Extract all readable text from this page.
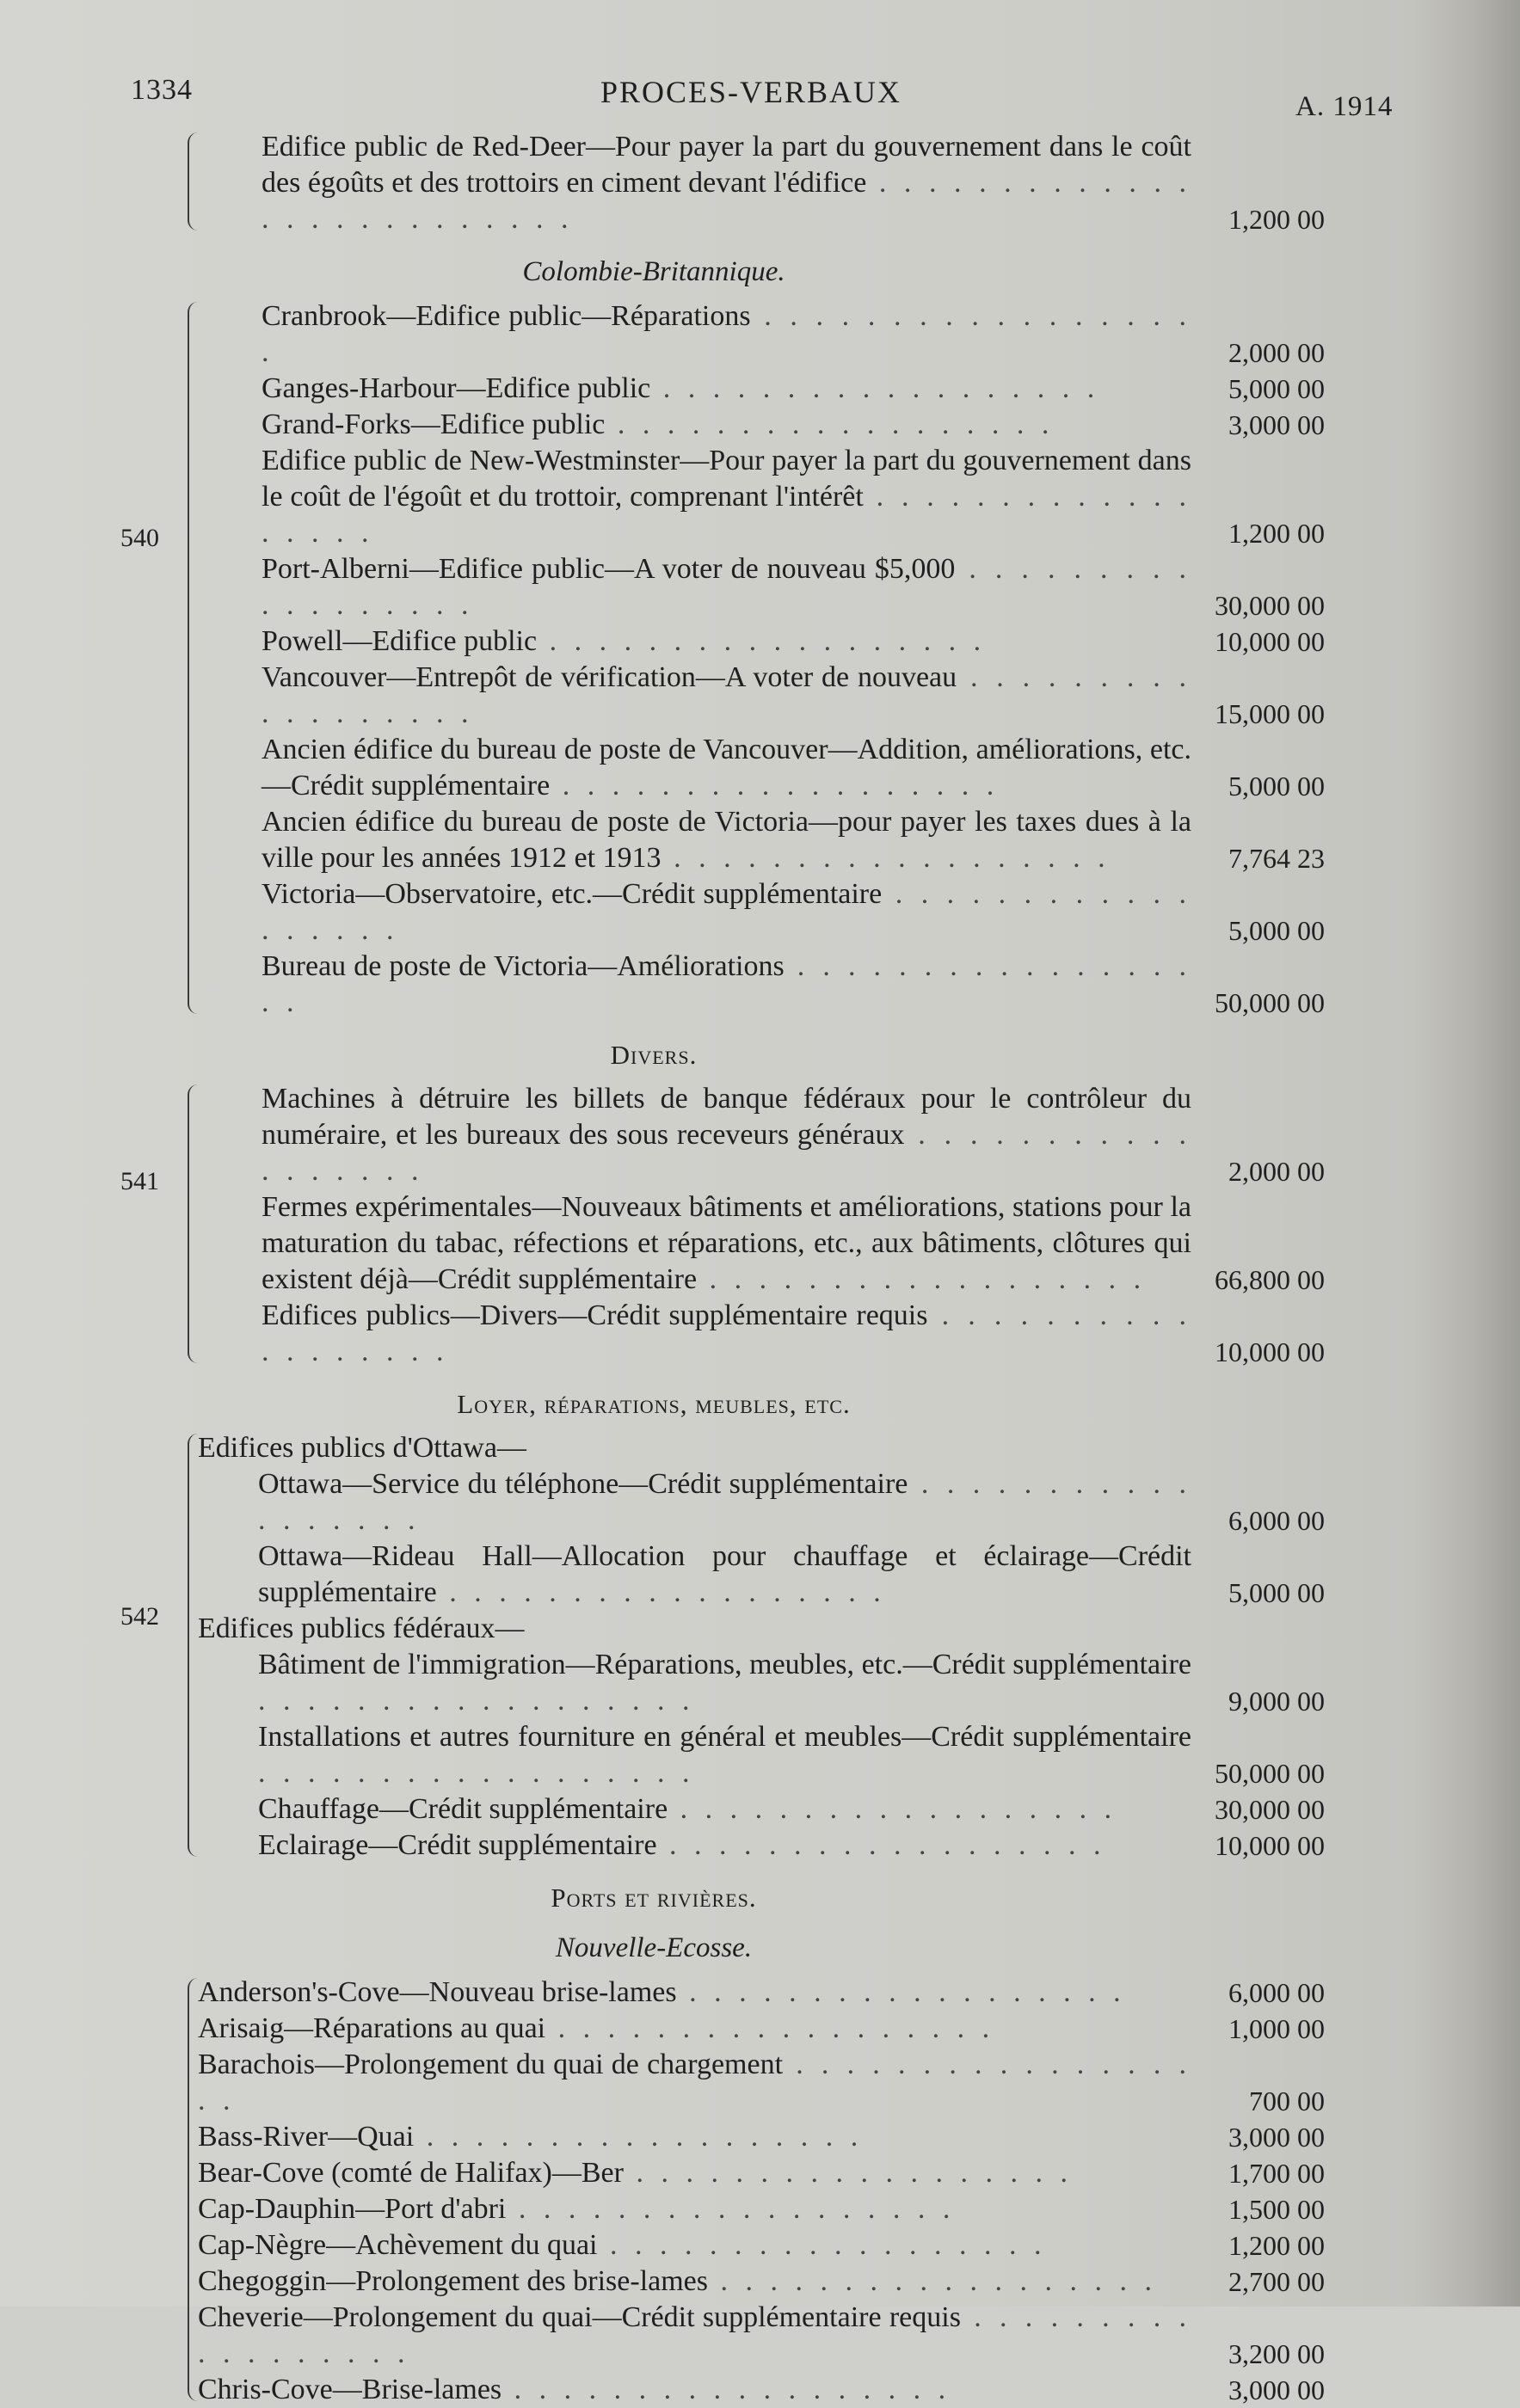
1334	PROCES-VERBAUX	A. 1914
Edifice public de Red-Deer—Pour payer la part du gouvernement dans le coût des égoûts et des trottoirs en ciment devant l'édifice . . . . . . . . . . . . . . . . . . . . . . . . . .	1,200 00
Colombie-Britannique.
540
Cranbrook—Edifice public—Réparations . . . . . . . . . . . . . . . . . .	2,000 00
Ganges-Harbour—Edifice public . . . . . . . . . . . . . . . . . .	5,000 00
Grand-Forks—Edifice public . . . . . . . . . . . . . . . . . .	3,000 00
Edifice public de New-Westminster—Pour payer la part du gouvernement dans le coût de l'égoût et du trottoir, comprenant l'intérêt . . . . . . . . . . . . . . . . . .	1,200 00
Port-Alberni—Edifice public—A voter de nouveau $5,000 . . . . . . . . . . . . . . . . . .	30,000 00
Powell—Edifice public . . . . . . . . . . . . . . . . . .	10,000 00
Vancouver—Entrepôt de vérification—A voter de nouveau . . . . . . . . . . . . . . . . . .	15,000 00
Ancien édifice du bureau de poste de Vancouver—Addition, améliorations, etc.—Crédit supplémentaire . . . . . . . . . . . . . . . . . .	5,000 00
Ancien édifice du bureau de poste de Victoria—pour payer les taxes dues à la ville pour les années 1912 et 1913 . . . . . . . . . . . . . . . . . .	7,764 23
Victoria—Observatoire, etc.—Crédit supplémentaire . . . . . . . . . . . . . . . . . .	5,000 00
Bureau de poste de Victoria—Améliorations . . . . . . . . . . . . . . . . . .	50,000 00
Divers.
541
Machines à détruire les billets de banque fédéraux pour le contrôleur du numéraire, et les bureaux des sous receveurs généraux . . . . . . . . . . . . . . . . . .	2,000 00
Fermes expérimentales—Nouveaux bâtiments et améliorations, stations pour la maturation du tabac, réfections et réparations, etc., aux bâtiments, clôtures qui existent déjà—Crédit supplémentaire . . . . . . . . . . . . . . . . . .	66,800 00
Edifices publics—Divers—Crédit supplémentaire requis . . . . . . . . . . . . . . . . . .	10,000 00
Loyer, réparations, meubles, etc.
542
Edifices publics d'Ottawa—
Ottawa—Service du téléphone—Crédit supplémentaire . . . . . . . . . . . . . . . . . .	6,000 00
Ottawa—Rideau Hall—Allocation pour chauffage et éclairage—Crédit supplémentaire . . . . . . . . . . . . . . . . . .	5,000 00
Edifices publics fédéraux—
Bâtiment de l'immigration—Réparations, meubles, etc.—Crédit supplémentaire . . . . . . . . . . . . . . . . . .	9,000 00
Installations et autres fourniture en général et meubles—Crédit supplémentaire . . . . . . . . . . . . . . . . . .	50,000 00
Chauffage—Crédit supplémentaire . . . . . . . . . . . . . . . . . .	30,000 00
Eclairage—Crédit supplémentaire . . . . . . . . . . . . . . . . . .	10,000 00
Ports et rivières.
Nouvelle-Ecosse.
Anderson's-Cove—Nouveau brise-lames . . . . . . . . . . . . . . . . . .	6,000 00
Arisaig—Réparations au quai . . . . . . . . . . . . . . . . . .	1,000 00
Barachois—Prolongement du quai de chargement . . . . . . . . . . . . . . . . . .	700 00
Bass-River—Quai . . . . . . . . . . . . . . . . . .	3,000 00
Bear-Cove (comté de Halifax)—Ber . . . . . . . . . . . . . . . . . .	1,700 00
Cap-Dauphin—Port d'abri . . . . . . . . . . . . . . . . . .	1,500 00
Cap-Nègre—Achèvement du quai . . . . . . . . . . . . . . . . . .	1,200 00
Chegoggin—Prolongement des brise-lames . . . . . . . . . . . . . . . . . .	2,700 00
Cheverie—Prolongement du quai—Crédit supplémentaire requis . . . . . . . . . . . . . . . . . .	3,200 00
Chris-Cove—Brise-lames . . . . . . . . . . . . . . . . . .	3,000 00
